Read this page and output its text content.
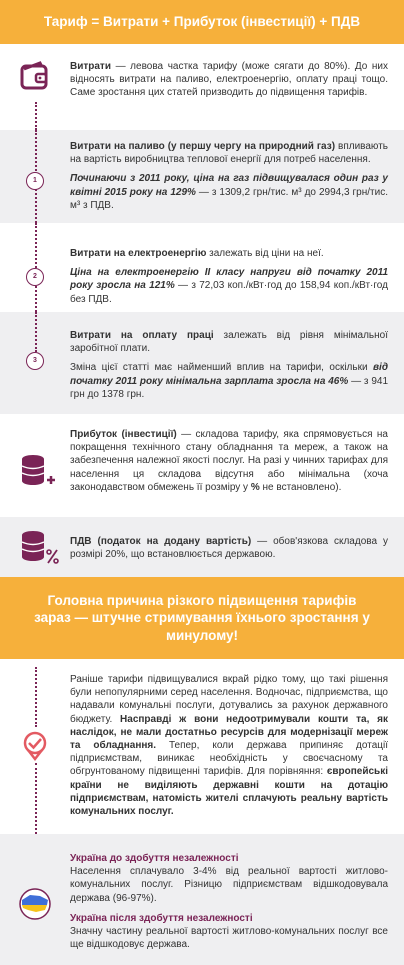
Тариф = Витрати + Прибуток (інвестиції) + ПДВ

Витрати — левова частка тарифу (може сягати до 80%). До них відносять витрати на паливо, електроенергію, оплату праці тощо. Саме зростання цих статей призводить до підвищення тарифів.

1

Витрати на паливо (у першу чергу на природний газ) впливають на вартість виробництва теплової енергії для потреб населення.

Починаючи з 2011 року, ціна на газ підвищувалася один раз у квітні 2015 року на 129% — з 1309,2 грн/тис. м³ до 2994,3 грн/тис. м³ з ПДВ.

2

Витрати на електроенергію залежать від ціни на неї.

Ціна на електроенергію ІІ класу напруги від початку 2011 року зросла на 121% — з 72,03 коп./кВт·год до 158,94 коп./кВт·год без ПДВ.

3

Витрати на оплату праці залежать від рівня мінімальної заробітної плати.

Зміна цієї статті має найменший вплив на тарифи, оскільки від початку 2011 року мінімальна зарплата зросла на 46% — з 941 грн до 1378 грн.

Прибуток (інвестиції) — складова тарифу, яка спрямовується на покращення технічного стану обладнання та мереж, а також на забезпечення належної якості послуг. На разі у чинних тарифах для населення ця складова відсутня або мінімальна (хоча законодавством обмежень її розміру у % не встановлено).

ПДВ (податок на додану вартість) — обов'язкова складова у розмірі 20%, що встановлюється державою.

Головна причина різкого підвищення тарифів зараз — штучне стримування їхнього зростання у минулому!

Раніше тарифи підвищувалися вкрай рідко тому, що такі рішення були непопулярними серед населення. Водночас, підприємства, що надавали комунальні послуги, дотувались за рахунок державного бюджету. Насправді ж вони недоотримували кошти та, як наслідок, не мали достатньо ресурсів для модернізації мереж та обладнання. Тепер, коли держава припиняє дотації підприємствам, виникає необхідність у своєчасному та обгрунтованому підвищенні тарифів. Для порівняння: європейські країни не виділяють державні кошти на дотацію підприємствам, натомість жителі сплачують реальну вартість комунальних послуг.

Україна до здобуття незалежності

Населення сплачувало 3-4% від реальної вартості житлово-комунальних послуг. Різницю підприємствам відшкодовувала держава (96-97%).

Україна після здобуття незалежності

Значну частину реальної вартості житлово-комунальних послуг все ще відшкодовує держава.
